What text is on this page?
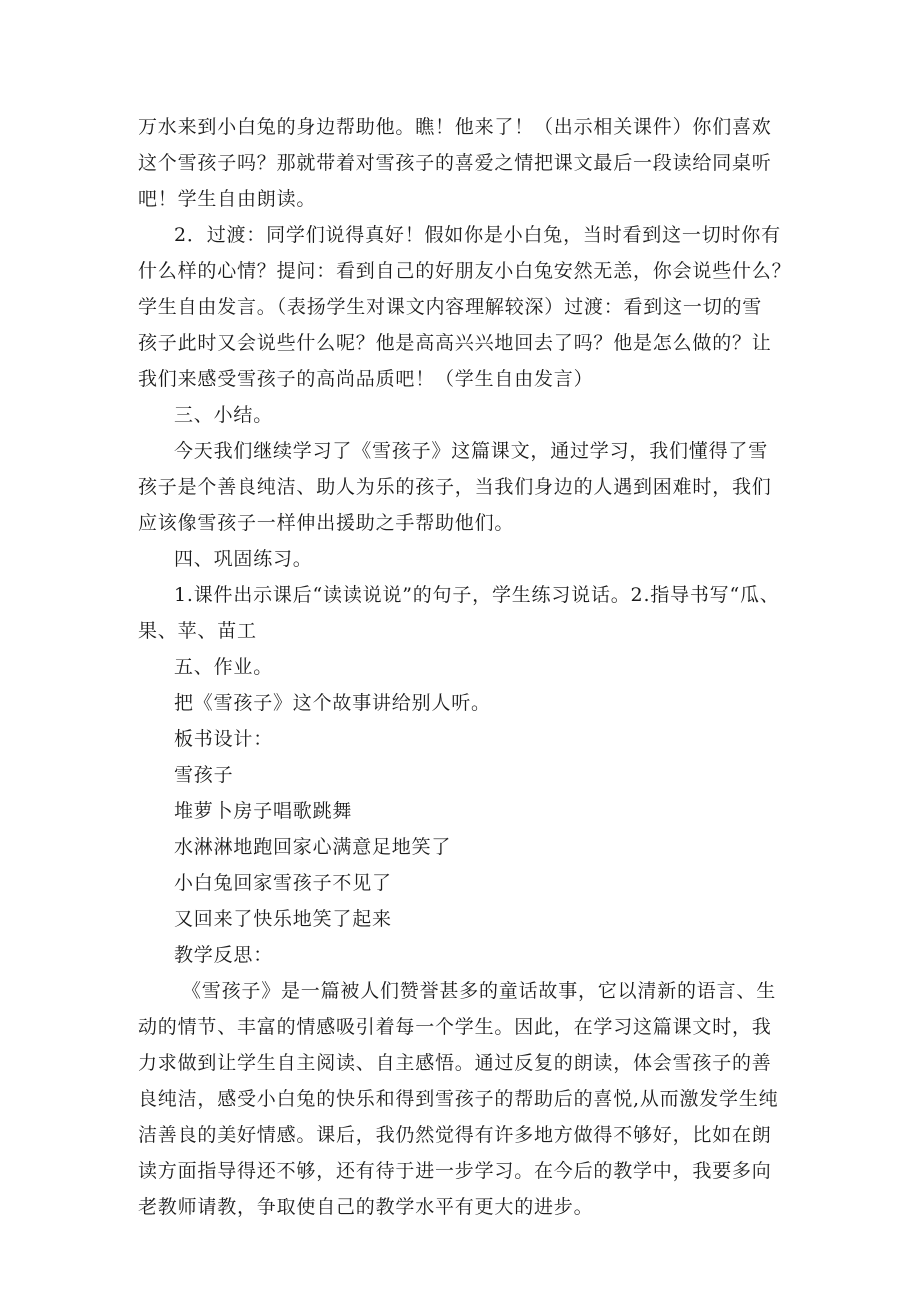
万水来到小白兔的身边帮助他。瞧！他来了！（出示相关课件）你们喜欢
这个雪孩子吗？那就带着对雪孩子的喜爱之情把课文最后一段读给同桌听
吧！学生自由朗读。
2．过渡：同学们说得真好！假如你是小白兔，当时看到这一切时你有
什么样的心情？提问：看到自己的好朋友小白兔安然无恙，你会说些什么？
学生自由发言。（表扬学生对课文内容理解较深）过渡：看到这一切的雪
孩子此时又会说些什么呢？他是高高兴兴地回去了吗？他是怎么做的？让
我们来感受雪孩子的高尚品质吧！（学生自由发言）
三、小结。
今天我们继续学习了《雪孩子》这篇课文，通过学习，我们懂得了雪
孩子是个善良纯洁、助人为乐的孩子，当我们身边的人遇到困难时，我们
应该像雪孩子一样伸出援助之手帮助他们。
四、巩固练习。
1.课件出示课后“读读说说”的句子，学生练习说话。2.指导书写“瓜、
果、苹、苗工
五、作业。
把《雪孩子》这个故事讲给别人听。
板书设计：
雪孩子
堆萝卜房子唱歌跳舞
水淋淋地跑回家心满意足地笑了
小白兔回家雪孩子不见了
又回来了快乐地笑了起来
教学反思：
《雪孩子》是一篇被人们赞誉甚多的童话故事，它以清新的语言、生
动的情节、丰富的情感吸引着每一个学生。因此，在学习这篇课文时，我
力求做到让学生自主阅读、自主感悟。通过反复的朗读，体会雪孩子的善
良纯洁，感受小白兔的快乐和得到雪孩子的帮助后的喜悦,从而激发学生纯
洁善良的美好情感。课后，我仍然觉得有许多地方做得不够好，比如在朗
读方面指导得还不够，还有待于进一步学习。在今后的教学中，我要多向
老教师请教，争取使自己的教学水平有更大的进步。
